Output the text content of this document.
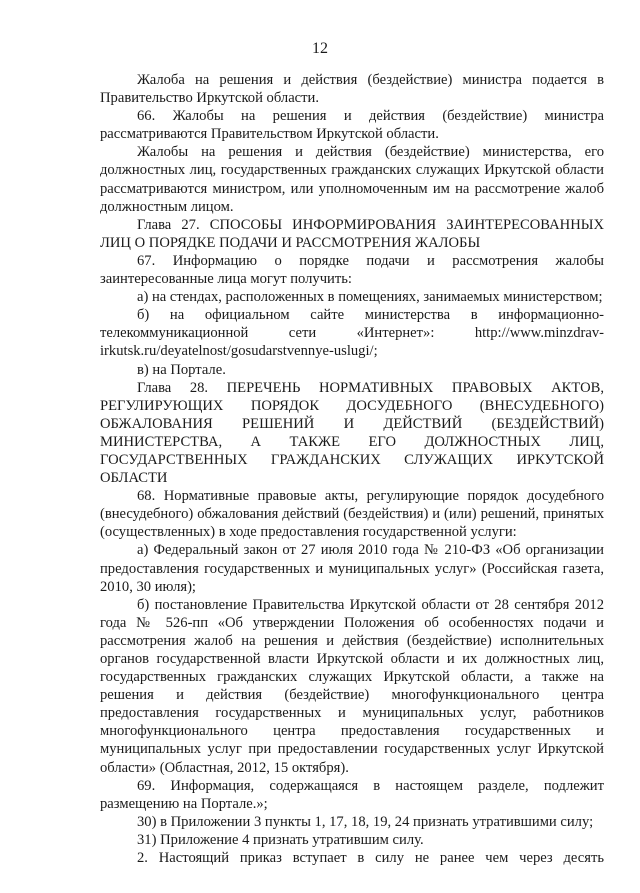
12

Жалоба на решения и действия (бездействие) министра подается в Правительство Иркутской области.

66. Жалобы на решения и действия (бездействие) министра рассматриваются Правительством Иркутской области.

Жалобы на решения и действия (бездействие) министерства, его должностных лиц, государственных гражданских служащих Иркутской области рассматриваются министром, или уполномоченным им на рассмотрение жалоб должностным лицом.

Глава 27. СПОСОБЫ ИНФОРМИРОВАНИЯ ЗАИНТЕРЕСОВАННЫХ ЛИЦ О ПОРЯДКЕ ПОДАЧИ И РАССМОТРЕНИЯ ЖАЛОБЫ

67. Информацию о порядке подачи и рассмотрения жалобы заинтересованные лица могут получить:

а) на стендах, расположенных в помещениях, занимаемых министерством;

б) на официальном сайте министерства в информационно-телекоммуникационной сети «Интернет»: http://www.minzdrav-irkutsk.ru/deyatelnost/gosudarstvennye-uslugi/;

в) на Портале.

Глава 28. ПЕРЕЧЕНЬ НОРМАТИВНЫХ ПРАВОВЫХ АКТОВ, РЕГУЛИРУЮЩИХ ПОРЯДОК ДОСУДЕБНОГО (ВНЕСУДЕБНОГО) ОБЖАЛОВАНИЯ РЕШЕНИЙ И ДЕЙСТВИЙ (БЕЗДЕЙСТВИЙ) МИНИСТЕРСТВА, А ТАКЖЕ ЕГО ДОЛЖНОСТНЫХ ЛИЦ, ГОСУДАРСТВЕННЫХ ГРАЖДАНСКИХ СЛУЖАЩИХ ИРКУТСКОЙ ОБЛАСТИ

68. Нормативные правовые акты, регулирующие порядок досудебного (внесудебного) обжалования действий (бездействия) и (или) решений, принятых (осуществленных) в ходе предоставления государственной услуги:

а) Федеральный закон от 27 июля 2010 года № 210-ФЗ «Об организации предоставления государственных и муниципальных услуг» (Российская газета, 2010, 30 июля);

б) постановление Правительства Иркутской области от 28 сентября 2012 года № 526-пп «Об утверждении Положения об особенностях подачи и рассмотрения жалоб на решения и действия (бездействие) исполнительных органов государственной власти Иркутской области и их должностных лиц, государственных гражданских служащих Иркутской области, а также на решения и действия (бездействие) многофункционального центра предоставления государственных и муниципальных услуг, работников многофункционального центра предоставления государственных и муниципальных услуг при предоставлении государственных услуг Иркутской области» (Областная, 2012, 15 октября).

69. Информация, содержащаяся в настоящем разделе, подлежит размещению на Портале.»;

30) в Приложении 3 пункты 1, 17, 18, 19, 24 признать утратившими силу;

31) Приложение 4 признать утратившим силу.

2. Настоящий приказ вступает в силу не ранее чем через десять
